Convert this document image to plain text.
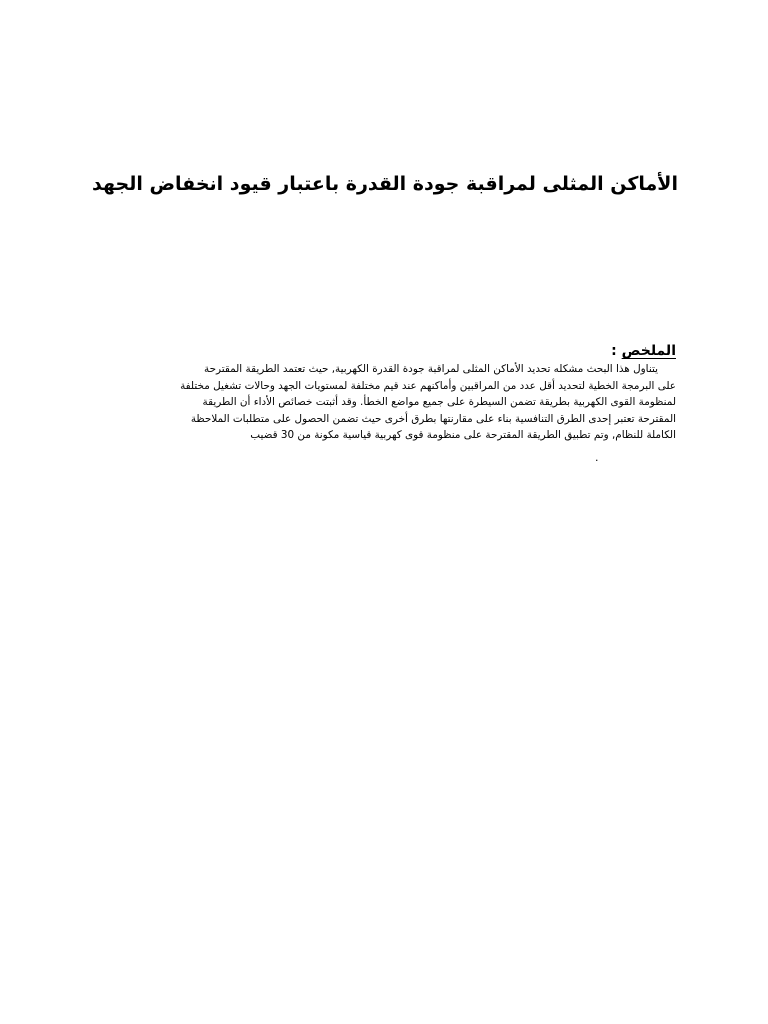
الأماكن المثلى لمراقبة جودة القدرة باعتبار قيود انخفاض الجهد

الملخص :

يتناول هذا البحث مشكله تحديد الأماكن المثلى لمراقبة جودة القدرة الكهربية, حيث تعتمد الطريقة المقترحة
على البرمجة الخطية لتحديد أقل عدد من المراقبين وأماكنهم عند قيم مختلفة لمستويات الجهد وحالات تشغيل مختلفة
لمنظومة القوى الكهربية بطريقة تضمن السيطرة على جميع مواضع الخطأ. وقد أثبتت خصائص الأداء أن الطريقة
المقترحة تعتبر إحدى الطرق التنافسية بناء على مقارنتها بطرق أخرى حيث تضمن الحصول على متطلبات الملاحظة
الكاملة للنظام, وتم تطبيق الطريقة المقترحة على منظومة قوى كهربية قياسية مكونة من 30 قضيب

.
